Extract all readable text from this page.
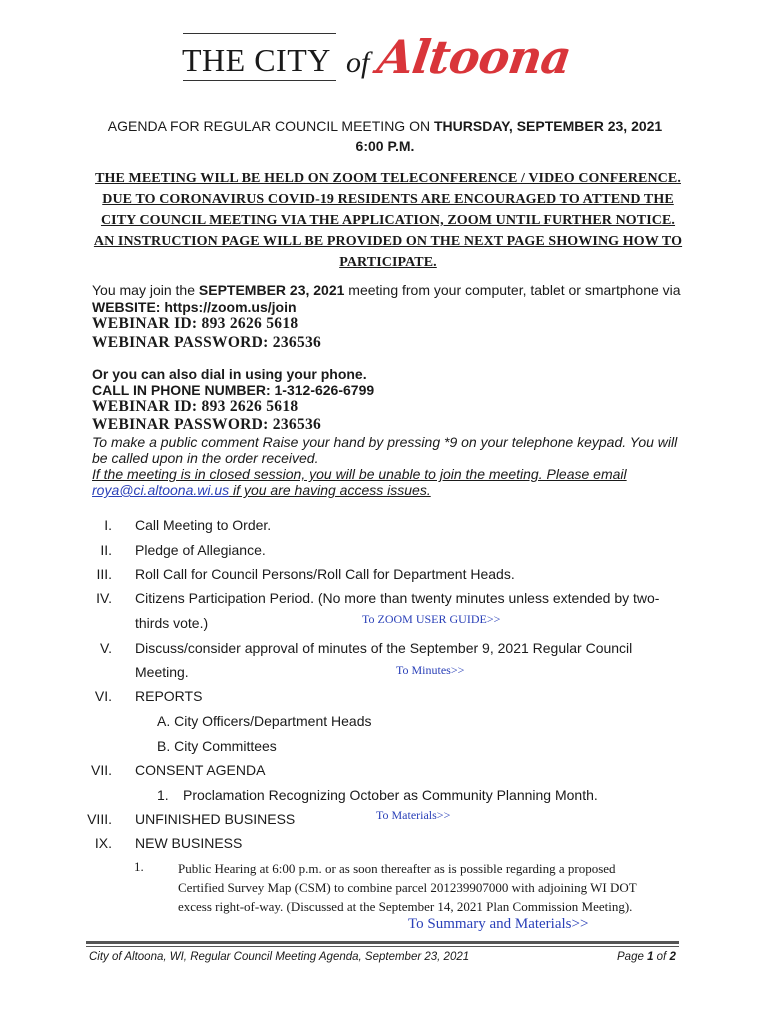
THE CITY of Altoona
AGENDA FOR REGULAR COUNCIL MEETING ON THURSDAY, SEPTEMBER 23, 2021
6:00 P.M.
THE MEETING WILL BE HELD ON ZOOM TELECONFERENCE / VIDEO CONFERENCE.
DUE TO CORONAVIRUS COVID-19 RESIDENTS ARE ENCOURAGED TO ATTEND THE
CITY COUNCIL MEETING VIA THE APPLICATION, ZOOM UNTIL FURTHER NOTICE.
AN INSTRUCTION PAGE WILL BE PROVIDED ON THE NEXT PAGE SHOWING HOW TO
PARTICIPATE.
You may join the SEPTEMBER 23, 2021 meeting from your computer, tablet or smartphone via
WEBSITE: https://zoom.us/join
WEBINAR ID: 893 2626 5618
WEBINAR PASSWORD: 236536
Or you can also dial in using your phone.
CALL IN PHONE NUMBER: 1-312-626-6799
WEBINAR ID: 893 2626 5618
WEBINAR PASSWORD: 236536
To make a public comment Raise your hand by pressing *9 on your telephone keypad. You will
be called upon in the order received.
If the meeting is in closed session, you will be unable to join the meeting. Please email
roya@ci.altoona.wi.us if you are having access issues.
I. Call Meeting to Order.
II. Pledge of Allegiance.
III. Roll Call for Council Persons/Roll Call for Department Heads.
IV. Citizens Participation Period. (No more than twenty minutes unless extended by two-
thirds vote.)	To ZOOM USER GUIDE>>
V. Discuss/consider approval of minutes of the September 9, 2021 Regular Council
Meeting.	To Minutes>>
VI. REPORTS
A. City Officers/Department Heads
B. City Committees
VII. CONSENT AGENDA
1. Proclamation Recognizing October as Community Planning Month.
VIII. UNFINISHED BUSINESS	To Materials>>
IX. NEW BUSINESS
1.	Public Hearing at 6:00 p.m. or as soon thereafter as is possible regarding a proposed
Certified Survey Map (CSM) to combine parcel 201239907000 with adjoining WI DOT
excess right-of-way. (Discussed at the September 14, 2021 Plan Commission Meeting).
To Summary and Materials>>
City of Altoona, WI, Regular Council Meeting Agenda, September 23, 2021	Page 1 of 2
